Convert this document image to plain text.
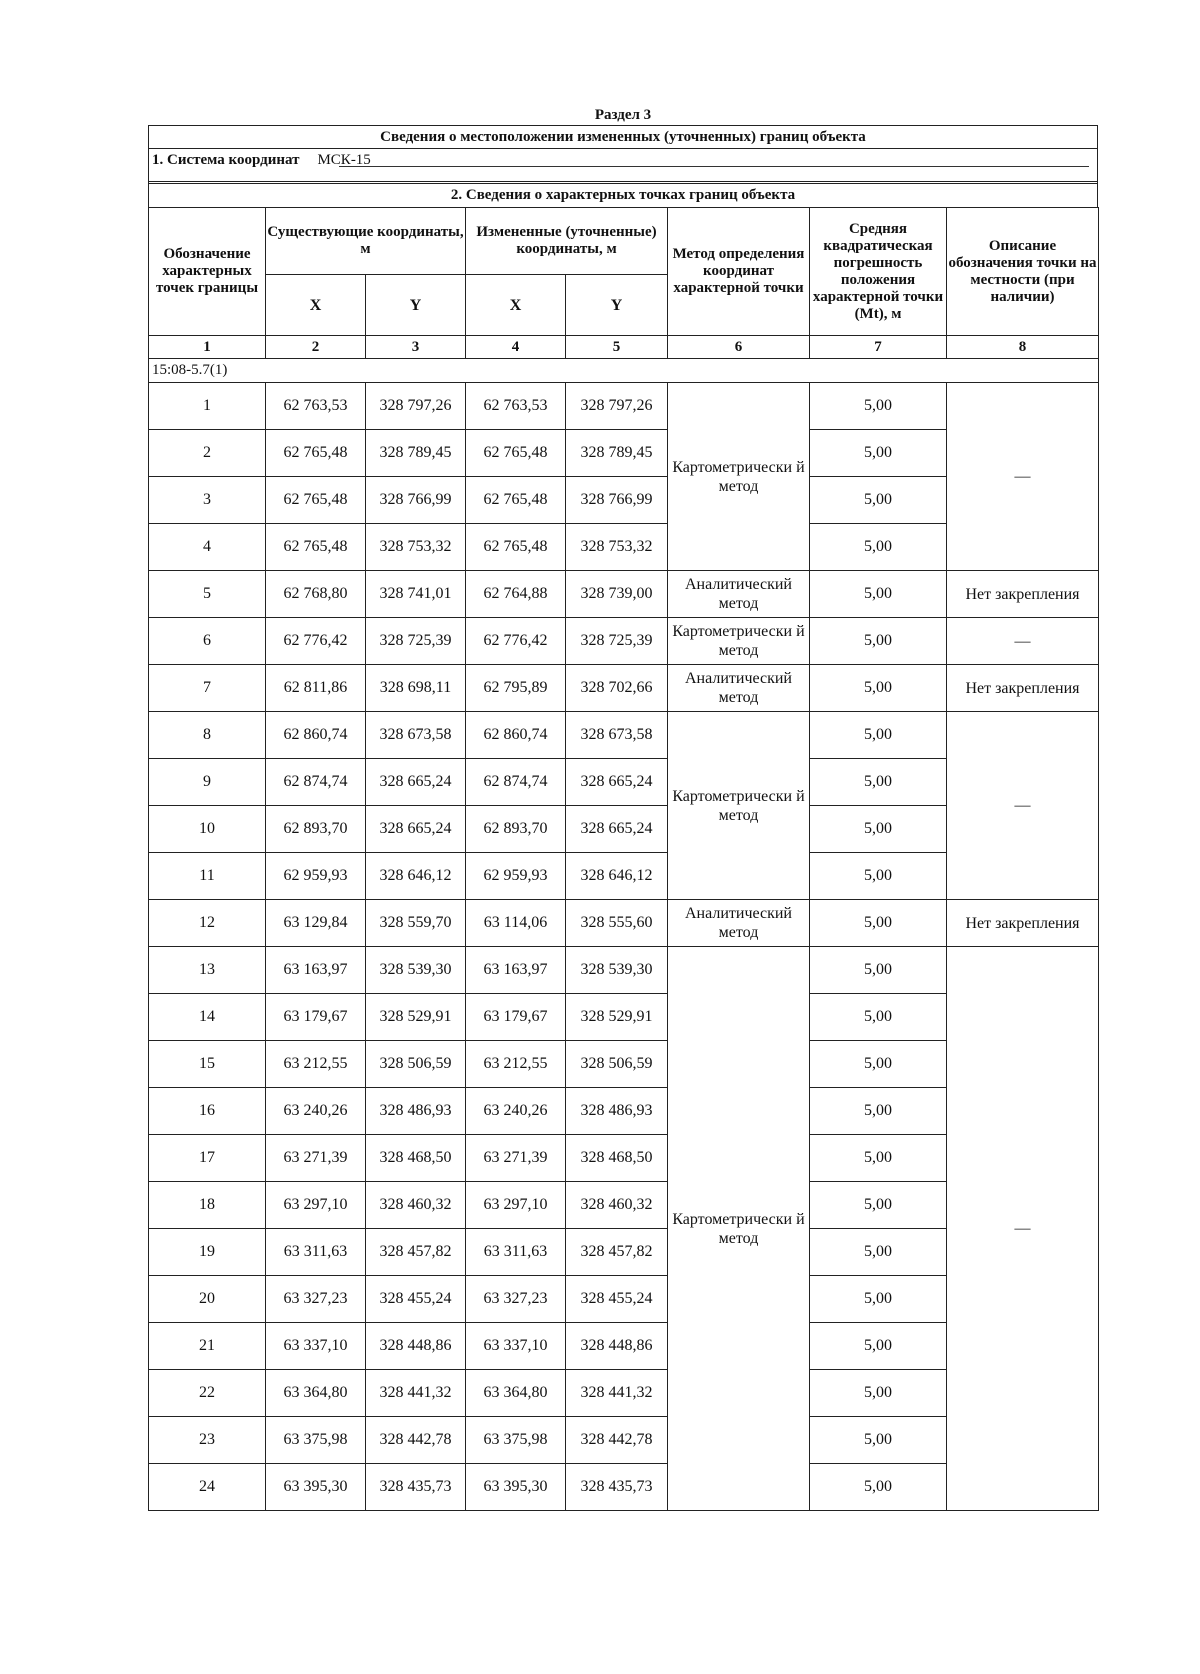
Раздел 3
Сведения о местоположении измененных (уточненных) границ объекта
1. Система координат МСК-15
2. Сведения о характерных точках границ объекта
Обозначение характерных точек границы	Существующие координаты, м		Измененные (уточненные) координаты, м		Метод определения координат характерной точки	Средняя квадратическая погрешность положения характерной точки (Mt), м	Описание обозначения точки на местности (при наличии)
	X	Y	X	Y			
1	2	3	4	5	6	7	8
15:08-5.7(1)							
1	62 763,53	328 797,26	62 763,53	328 797,26	Картометрически й метод	5,00	—
2	62 765,48	328 789,45	62 765,48	328 789,45		5,00	
3	62 765,48	328 766,99	62 765,48	328 766,99		5,00	
4	62 765,48	328 753,32	62 765,48	328 753,32		5,00	
5	62 768,80	328 741,01	62 764,88	328 739,00	Аналитический метод	5,00	Нет закрепления
6	62 776,42	328 725,39	62 776,42	328 725,39	Картометрически й метод	5,00	—
7	62 811,86	328 698,11	62 795,89	328 702,66	Аналитический метод	5,00	Нет закрепления
8	62 860,74	328 673,58	62 860,74	328 673,58	Картометрически й метод	5,00	—
9	62 874,74	328 665,24	62 874,74	328 665,24		5,00	
10	62 893,70	328 665,24	62 893,70	328 665,24		5,00	
11	62 959,93	328 646,12	62 959,93	328 646,12		5,00	
12	63 129,84	328 559,70	63 114,06	328 555,60	Аналитический метод	5,00	Нет закрепления
13	63 163,97	328 539,30	63 163,97	328 539,30	Картометрически й метод	5,00	—
14	63 179,67	328 529,91	63 179,67	328 529,91		5,00	
15	63 212,55	328 506,59	63 212,55	328 506,59		5,00	
16	63 240,26	328 486,93	63 240,26	328 486,93		5,00	
17	63 271,39	328 468,50	63 271,39	328 468,50		5,00	
18	63 297,10	328 460,32	63 297,10	328 460,32		5,00	
19	63 311,63	328 457,82	63 311,63	328 457,82		5,00	
20	63 327,23	328 455,24	63 327,23	328 455,24		5,00	
21	63 337,10	328 448,86	63 337,10	328 448,86		5,00	
22	63 364,80	328 441,32	63 364,80	328 441,32		5,00	
23	63 375,98	328 442,78	63 375,98	328 442,78		5,00	
24	63 395,30	328 435,73	63 395,30	328 435,73		5,00	
